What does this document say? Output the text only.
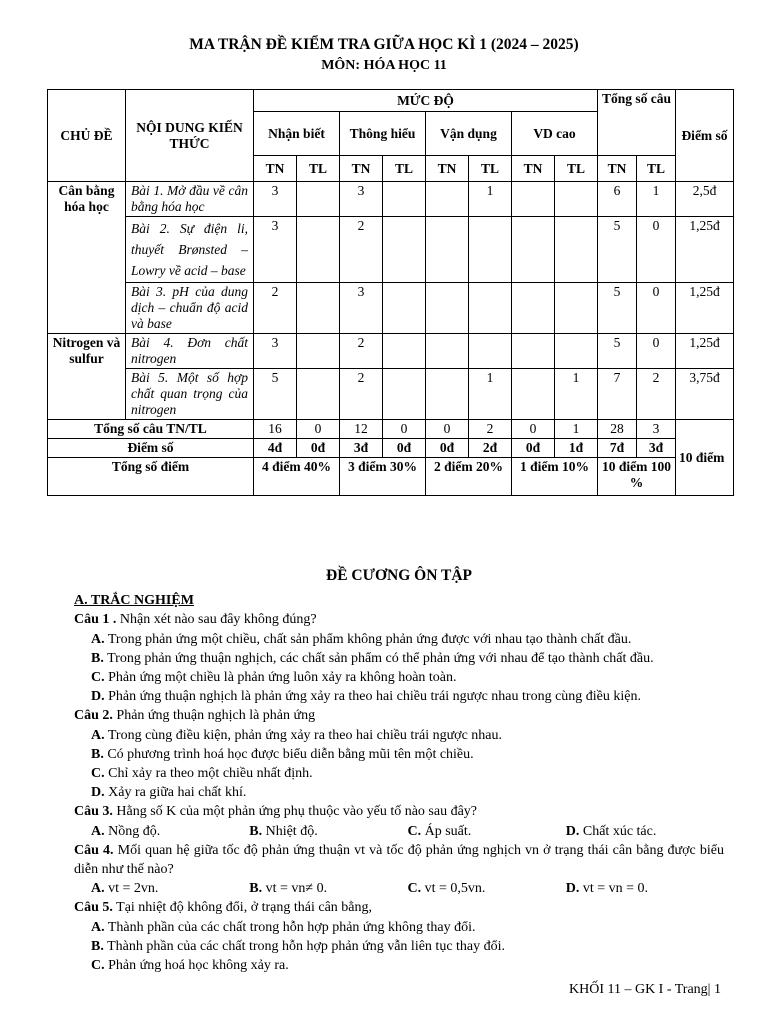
MA TRẬN ĐỀ KIỂM TRA GIỮA HỌC KÌ 1 (2024 – 2025)
MÔN: HÓA HỌC 11
CHỦ ĐỀ	NỘI DUNG KIẾN THỨC	MỨC ĐỘ								Tổng số câu		Điểm số
		Nhận biết		Thông hiểu		Vận dụng		VD cao				
		TN	TL	TN	TL	TN	TL	TN	TL	TN	TL	
Cân bằng hóa học	Bài 1. Mở đầu về cân bằng hóa học	3		3			1			6	1	2,5đ
	Bài 2. Sự điện li, thuyết Brønsted – Lowry về acid – base	3		2						5	0	1,25đ
	Bài 3. pH của dung dịch – chuẩn độ acid và base	2		3						5	0	1,25đ
Nitrogen và sulfur	Bài 4. Đơn chất nitrogen	3		2						5	0	1,25đ
	Bài 5. Một số hợp chất quan trọng của nitrogen	5		2			1		1	7	2	3,75đ
Tổng số câu TN/TL		16	0	12	0	0	2	0	1	28	3	10 điểm
Điểm số		4đ	0đ	3đ	0đ	0đ	2đ	0đ	1đ	7đ	3đ	
Tổng số điểm		4 điểm 40%		3 điểm 30%		2 điểm 20%		1 điểm 10%		10 điểm 100 %		
ĐỀ CƯƠNG ÔN TẬP
A. TRẮC NGHIỆM
Câu 1 . Nhận xét nào sau đây không đúng?
A. Trong phản ứng một chiều, chất sản phẩm không phản ứng được với nhau tạo thành chất đầu.
B. Trong phản ứng thuận nghịch, các chất sản phẩm có thể phản ứng với nhau để tạo thành chất đầu.
C. Phản ứng một chiều là phản ứng luôn xảy ra không hoàn toàn.
D. Phản ứng thuận nghịch là phản ứng xảy ra theo hai chiều trái ngược nhau trong cùng điều kiện.
Câu 2. Phản ứng thuận nghịch là phản ứng
A. Trong cùng điều kiện, phản ứng xảy ra theo hai chiều trái ngược nhau.
B. Có phương trình hoá học được biểu diễn bằng mũi tên một chiều.
C. Chỉ xảy ra theo một chiều nhất định.
D. Xảy ra giữa hai chất khí.
Câu 3. Hằng số K của một phản ứng phụ thuộc vào yếu tố nào sau đây?
A. Nồng độ.	B. Nhiệt độ.	C. Áp suất.	D. Chất xúc tác.
Câu 4. Mối quan hệ giữa tốc độ phản ứng thuận vt và tốc độ phản ứng nghịch vn ở trạng thái cân bằng được biểu diễn như thế nào?
A. vt = 2vn.	B. vt = vn≠ 0.	C. vt = 0,5vn.	D. vt = vn = 0.
Câu 5. Tại nhiệt độ không đổi, ở trạng thái cân bằng,
A. Thành phần của các chất trong hỗn hợp phản ứng không thay đổi.
B. Thành phần của các chất trong hỗn hợp phản ứng vẫn liên tục thay đổi.
C. Phản ứng hoá học không xảy ra.
KHỐI 11 – GK I - Trang| 1
